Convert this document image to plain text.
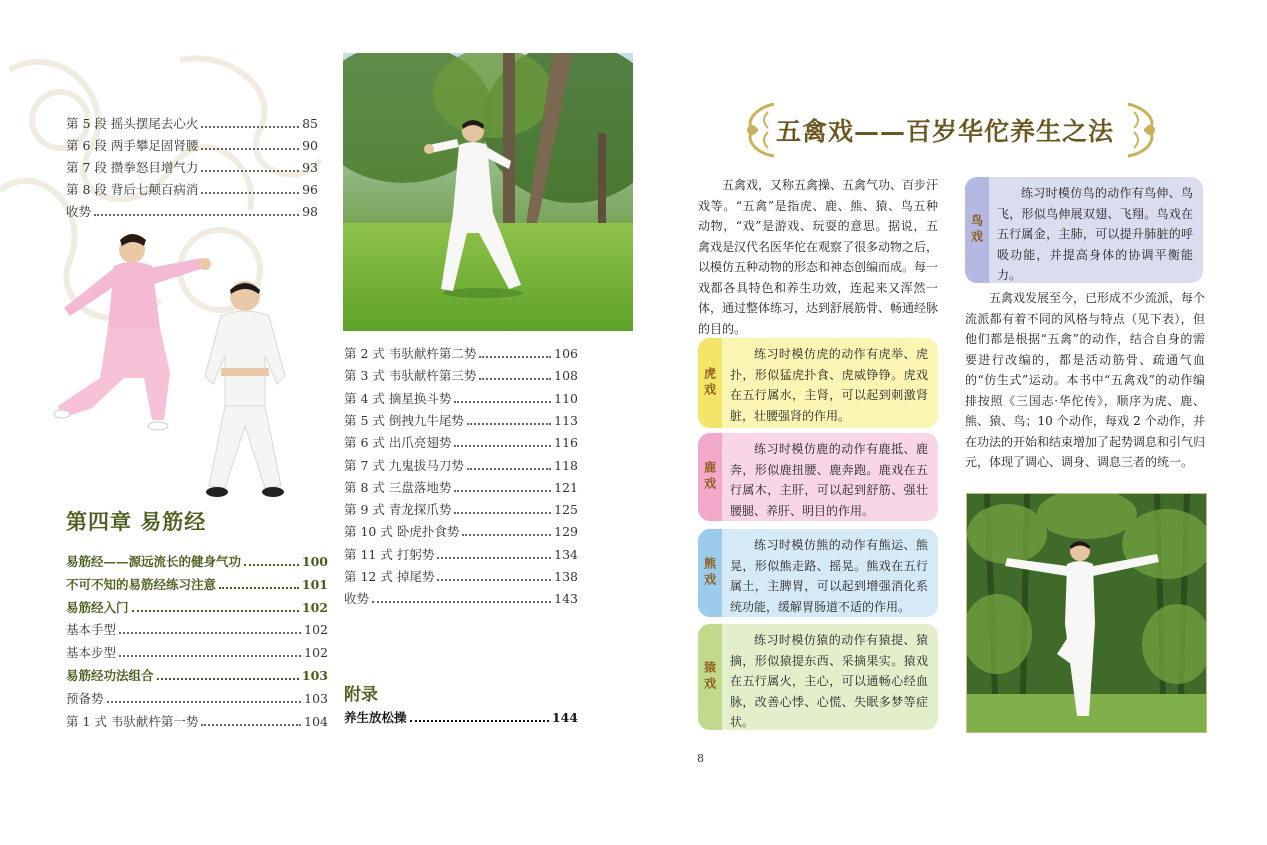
第 5 段 摇头摆尾去心火	85
第 6 段 两手攀足固肾腰	90
第 7 段 攒拳怒目增气力	93
第 8 段 背后七颠百病消	96
收势	98
第四章 易筋经
易筋经——源远流长的健身气功	100
不可不知的易筋经练习注意	101
易筋经入门	102
基本手型	102
基本步型	102
易筋经功法组合	103
预备势	103
第 1 式 韦驮献杵第一势	104
第 2 式 韦驮献杵第二势	106
第 3 式 韦驮献杵第三势	108
第 4 式 摘星换斗势	110
第 5 式 倒拽九牛尾势	113
第 6 式 出爪亮翅势	116
第 7 式 九鬼拔马刀势	118
第 8 式 三盘落地势	121
第 9 式 青龙探爪势	125
第 10 式 卧虎扑食势	129
第 11 式 打躬势	134
第 12 式 掉尾势	138
收势	143
附录
养生放松操	144
五禽戏——百岁华佗养生之法
五禽戏，又称五禽操、五禽气功、百步汗戏等。“五禽”是指虎、鹿、熊、猿、鸟五种动物，“戏”是游戏、玩耍的意思。据说，五禽戏是汉代名医华佗在观察了很多动物之后，以模仿五种动物的形态和神态创编而成。每一戏都各具特色和养生功效，连起来又浑然一体，通过整体练习，达到舒展筋骨、畅通经脉的目的。
虎戏
练习时模仿虎的动作有虎举、虎扑，形似猛虎扑食、虎威铮铮。虎戏在五行属水，主肾，可以起到刺激肾脏，壮腰强肾的作用。
鹿戏
练习时模仿鹿的动作有鹿抵、鹿奔，形似鹿扭腰、鹿奔跑。鹿戏在五行属木，主肝，可以起到舒筋、强壮腰腿、养肝、明目的作用。
熊戏
练习时模仿熊的动作有熊运、熊晃，形似熊走路、摇晃。熊戏在五行属土，主脾胃，可以起到增强消化系统功能，缓解胃肠道不适的作用。
猿戏
练习时模仿猿的动作有猿提、猿摘，形似猿提东西、采摘果实。猿戏在五行属火，主心，可以通畅心经血脉，改善心悸、心慌、失眠多梦等症状。
鸟戏
练习时模仿鸟的动作有鸟伸、鸟飞，形似鸟伸展双翅、飞翔。鸟戏在五行属金，主肺，可以提升肺脏的呼吸功能，并提高身体的协调平衡能力。
五禽戏发展至今，已形成不少流派，每个流派都有着不同的风格与特点（见下表），但他们都是根据“五禽”的动作，结合自身的需要进行改编的，都是活动筋骨、疏通气血的“仿生式”运动。本书中“五禽戏”的动作编排按照《三国志·华佗传》，顺序为虎、鹿、熊、猿、鸟；10 个动作，每戏 2 个动作，并在功法的开始和结束增加了起势调息和引气归元，体现了调心、调身、调息三者的统一。
8
